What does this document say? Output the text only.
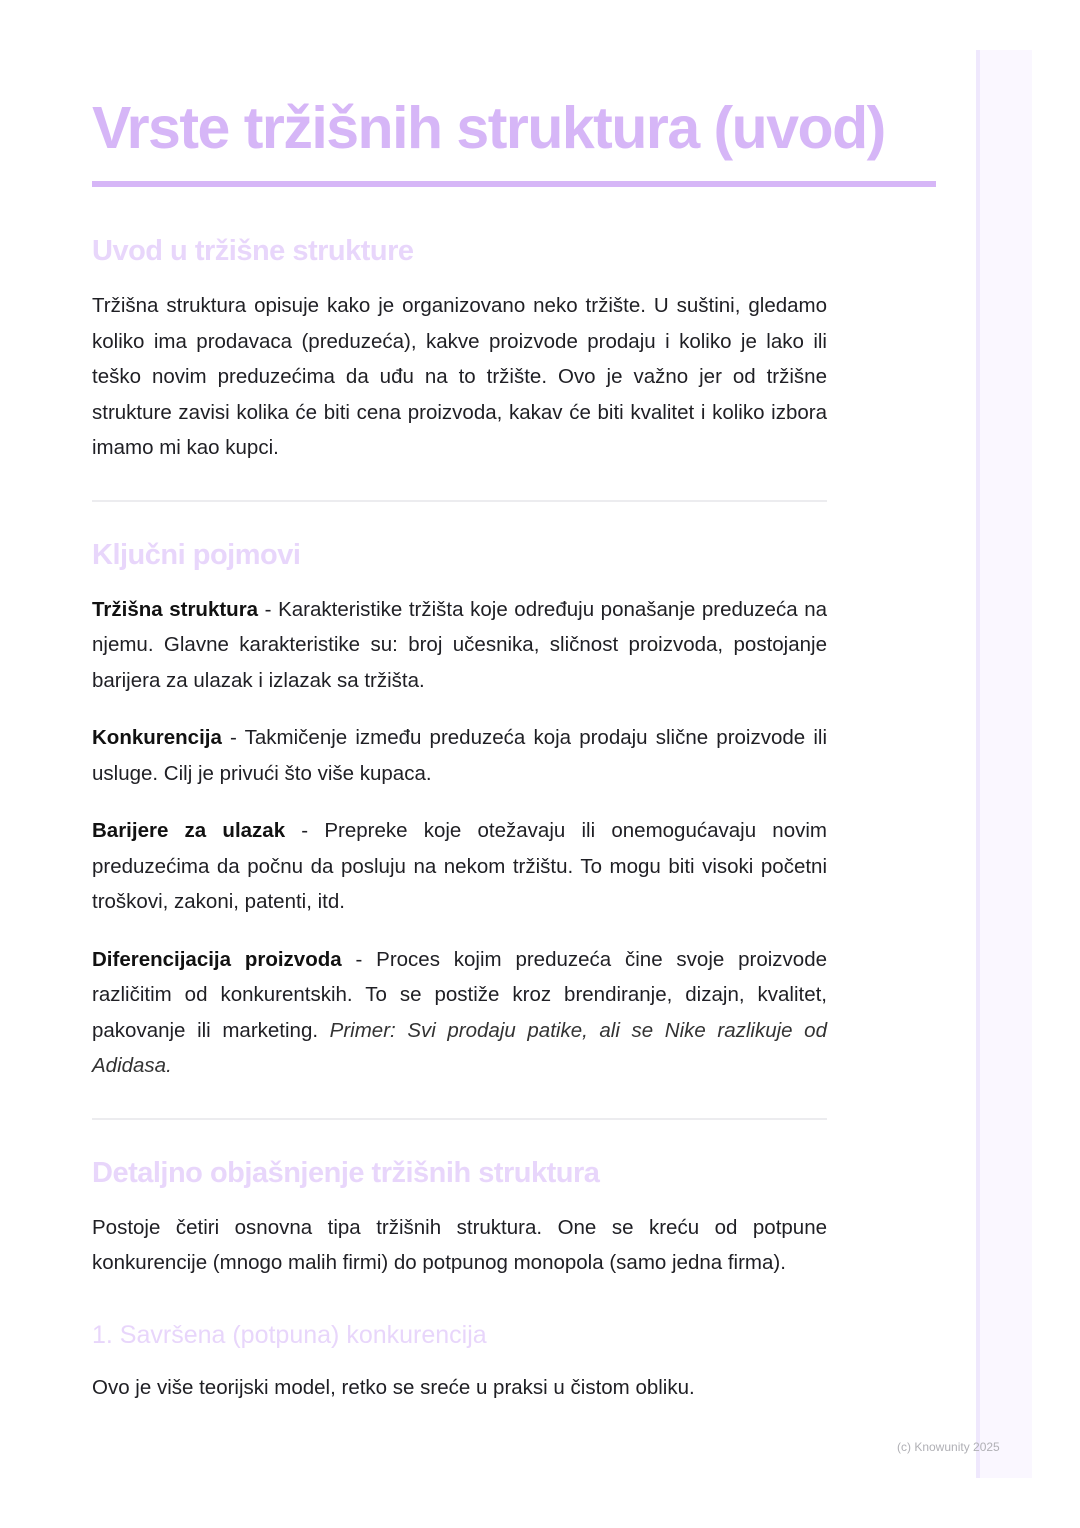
Vrste tržišnih struktura (uvod)
Uvod u tržišne strukture

Tržišna struktura opisuje kako je organizovano neko tržište. U suštini, gledamo koliko ima prodavaca (preduzeća), kakve proizvode prodaju i koliko je lako ili teško novim preduzećima da uđu na to tržište. Ovo je važno jer od tržišne strukture zavisi kolika će biti cena proizvoda, kakav će biti kvalitet i koliko izbora imamo mi kao kupci.

Ključni pojmovi

Tržišna struktura - Karakteristike tržišta koje određuju ponašanje preduzeća na njemu. Glavne karakteristike su: broj učesnika, sličnost proizvoda, postojanje barijera za ulazak i izlazak sa tržišta.

Konkurencija - Takmičenje između preduzeća koja prodaju slične proizvode ili usluge. Cilj je privući što više kupaca.

Barijere za ulazak - Prepreke koje otežavaju ili onemogućavaju novim preduzećima da počnu da posluju na nekom tržištu. To mogu biti visoki početni troškovi, zakoni, patenti, itd.

Diferencijacija proizvoda - Proces kojim preduzeća čine svoje proizvode različitim od konkurentskih. To se postiže kroz brendiranje, dizajn, kvalitet, pakovanje ili marketing. Primer: Svi prodaju patike, ali se Nike razlikuje od Adidasa.

Detaljno objašnjenje tržišnih struktura

Postoje četiri osnovna tipa tržišnih struktura. One se kreću od potpune konkurencije (mnogo malih firmi) do potpunog monopola (samo jedna firma).

1. Savršena (potpuna) konkurencija

Ovo je više teorijski model, retko se sreće u praksi u čistom obliku.

(c) Knowunity 2025
